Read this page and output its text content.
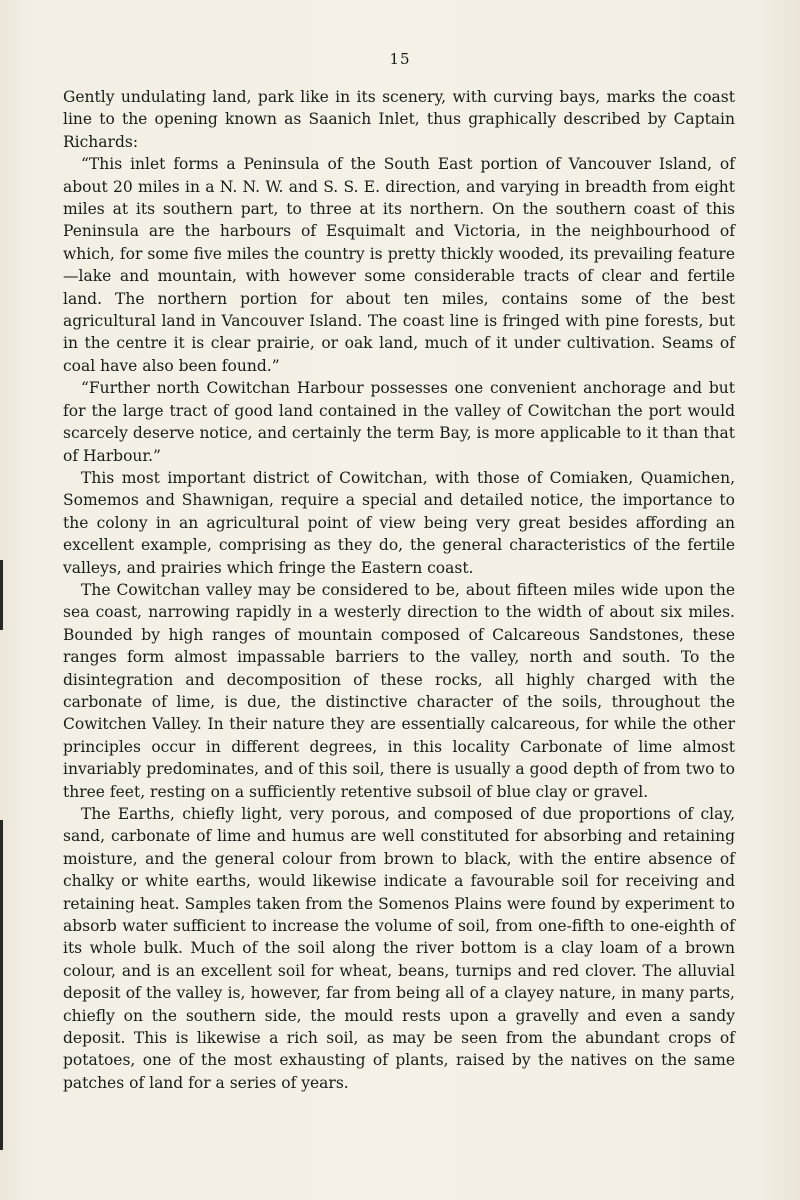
15

Gently undulating land, park like in its scenery, with curving bays, marks the coast line to the opening known as Saanich Inlet, thus graphically described by Captain Richards:

“This inlet forms a Peninsula of the South East portion of Vancouver Island, of about 20 miles in a N. N. W. and S. S. E. direction, and varying in breadth from eight miles at its southern part, to three at its northern. On the southern coast of this Peninsula are the harbours of Esquimalt and Victoria, in the neighbourhood of which, for some five miles the country is pretty thickly wooded, its prevailing feature—lake and mountain, with however some considerable tracts of clear and fertile land. The northern portion for about ten miles, contains some of the best agricultural land in Vancouver Island. The coast line is fringed with pine forests, but in the centre it is clear prairie, or oak land, much of it under cultivation. Seams of coal have also been found.”

“Further north Cowitchan Harbour possesses one convenient anchorage and but for the large tract of good land contained in the valley of Cowitchan the port would scarcely deserve notice, and certainly the term Bay, is more applicable to it than that of Harbour.”

This most important district of Cowitchan, with those of Comiaken, Quamichen, Somemos and Shawnigan, require a special and detailed notice, the importance to the colony in an agricultural point of view being very great besides affording an excellent example, comprising as they do, the general characteristics of the fertile valleys, and prairies which fringe the Eastern coast.

The Cowitchan valley may be considered to be, about fifteen miles wide upon the sea coast, narrowing rapidly in a westerly direction to the width of about six miles. Bounded by high ranges of mountain composed of Calcareous Sandstones, these ranges form almost impassable barriers to the valley, north and south. To the disintegration and decomposition of these rocks, all highly charged with the carbonate of lime, is due, the distinctive character of the soils, throughout the Cowitchen Valley. In their nature they are essentially calcareous, for while the other principles occur in different degrees, in this locality Carbonate of lime almost invariably predominates, and of this soil, there is usually a good depth of from two to three feet, resting on a sufficiently retentive subsoil of blue clay or gravel.

The Earths, chiefly light, very porous, and composed of due proportions of clay, sand, carbonate of lime and humus are well constituted for absorbing and retaining moisture, and the general colour from brown to black, with the entire absence of chalky or white earths, would likewise indicate a favourable soil for receiving and retaining heat. Samples taken from the Somenos Plains were found by experiment to absorb water sufficient to increase the volume of soil, from one-fifth to one-eighth of its whole bulk. Much of the soil along the river bottom is a clay loam of a brown colour, and is an excellent soil for wheat, beans, turnips and red clover. The alluvial deposit of the valley is, however, far from being all of a clayey nature, in many parts, chiefly on the southern side, the mould rests upon a gravelly and even a sandy deposit. This is likewise a rich soil, as may be seen from the abundant crops of potatoes, one of the most exhausting of plants, raised by the natives on the same patches of land for a series of years.
